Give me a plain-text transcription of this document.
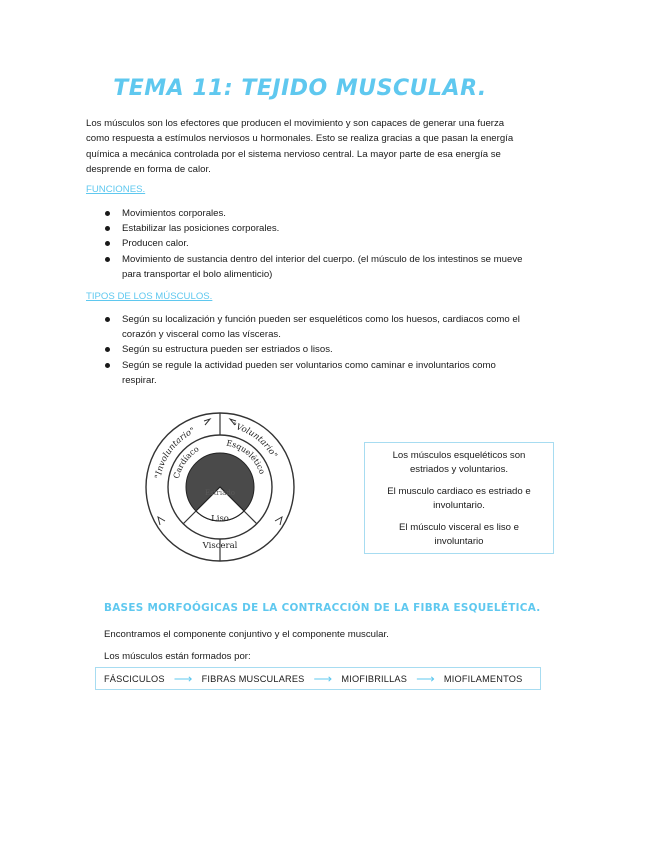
TEMA 11: TEJIDO MUSCULAR.
Los músculos son los efectores que producen el movimiento y son capaces de generar una fuerza como respuesta a estímulos nerviosos u hormonales. Esto se realiza gracias a que pasan la energía química a mecánica controlada por el sistema nervioso central. La mayor parte de esa energía se desprende en forma de calor.
FUNCIONES.
Movimientos corporales.
Estabilizar las posiciones corporales.
Producen calor.
Movimiento de sustancia dentro del interior del cuerpo. (el músculo de los intestinos se mueve para transportar el bolo alimenticio)
TIPOS DE LOS MÚSCULOS.
Según su localización y función pueden ser esqueléticos como los huesos, cardiacos como el corazón y visceral como las vísceras.
Según su estructura pueden ser estriados o lisos.
Según se regule la actividad pueden ser voluntarios como caminar e involuntarios como respirar.
"Involuntario"	"Voluntario"
Cardíaco
Esquelético
Estriado
Liso
Visceral

Los músculos esqueléticos son estriados y voluntarios.

El musculo cardiaco es estriado e involuntario.

El músculo visceral es liso e involuntario

BASES MORFOÓGICAS DE LA CONTRACCIÓN DE LA FIBRA ESQUELÉTICA.
Encontramos el componente conjuntivo y el componente muscular.
Los músculos están formados por:
FÁSCICULOS ⟶ FIBRAS MUSCULARES ⟶ MIOFIBRILLAS ⟶ MIOFILAMENTOS
